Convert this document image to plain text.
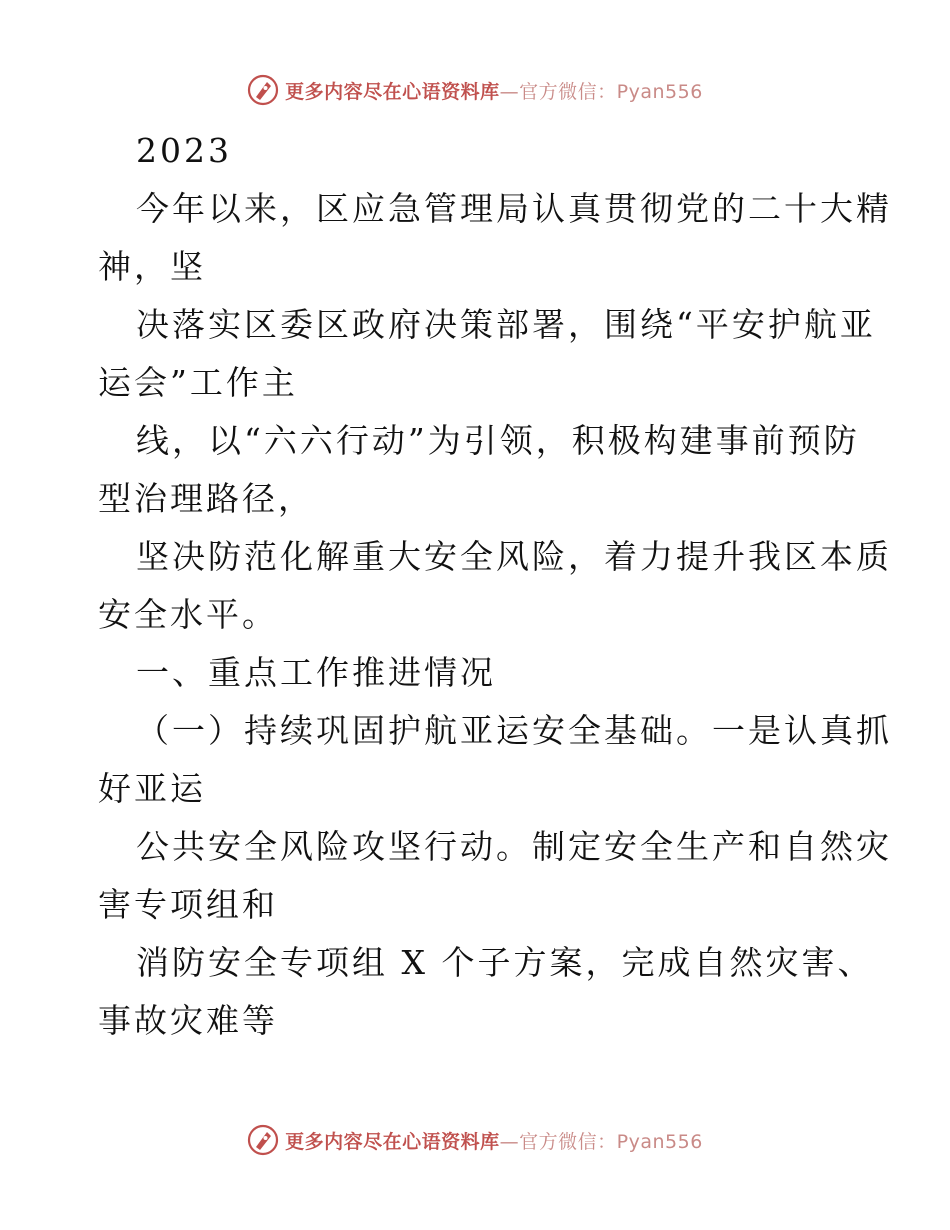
更多内容尽在心语资料库—官方微信：Pyan556
2023
今年以来，区应急管理局认真贯彻党的二十大精
神，坚
决落实区委区政府决策部署，围绕“平安护航亚
运会”工作主
线，以“六六行动”为引领，积极构建事前预防
型治理路径，
坚决防范化解重大安全风险，着力提升我区本质
安全水平。
一、重点工作推进情况
（一）持续巩固护航亚运安全基础。一是认真抓
好亚运
公共安全风险攻坚行动。制定安全生产和自然灾
害专项组和
消防安全专项组 X 个子方案，完成自然灾害、
事故灾难等
更多内容尽在心语资料库—官方微信：Pyan556
